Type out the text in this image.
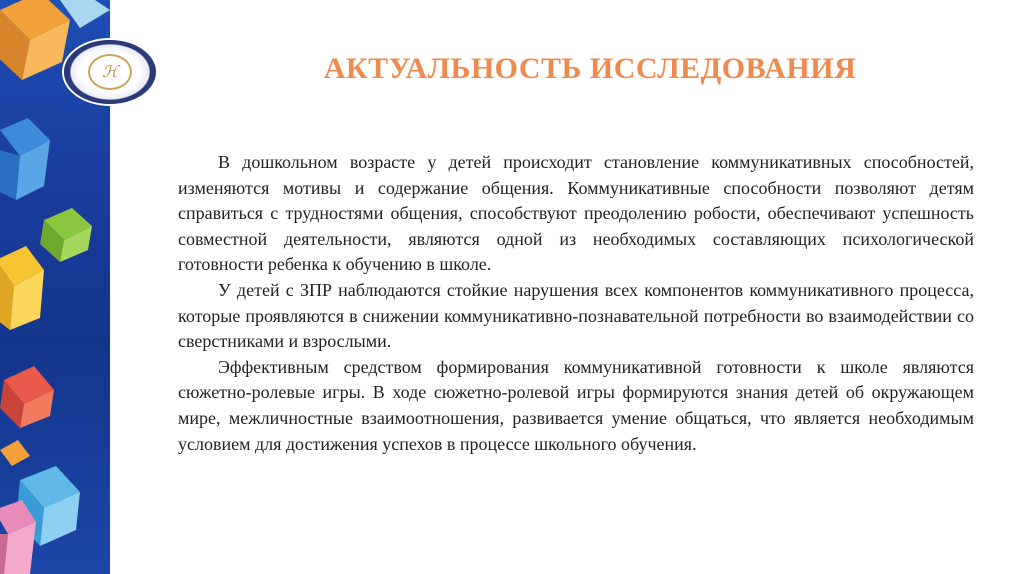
ℋ	АКТУАЛЬНОСТЬ ИССЛЕДОВАНИЯ

В дошкольном возрасте у детей происходит становление коммуникативных способностей, изменяются мотивы и содержание общения. Коммуникативные способности позволяют детям справиться с трудностями общения, способствуют преодолению робости, обеспечивают успешность совместной деятельности, являются одной из необходимых составляющих психологической готовности ребенка к обучению в школе.

У детей с ЗПР наблюдаются стойкие нарушения всех компонентов коммуникативного процесса, которые проявляются в снижении коммуникативно-познавательной потребности во взаимодействии со сверстниками и взрослыми.

Эффективным средством формирования коммуникативной готовности к школе являются сюжетно-ролевые игры. В ходе сюжетно-ролевой игры формируются знания детей об окружающем мире, межличностные взаимоотношения, развивается умение общаться, что является необходимым условием для достижения успехов в процессе школьного обучения.
